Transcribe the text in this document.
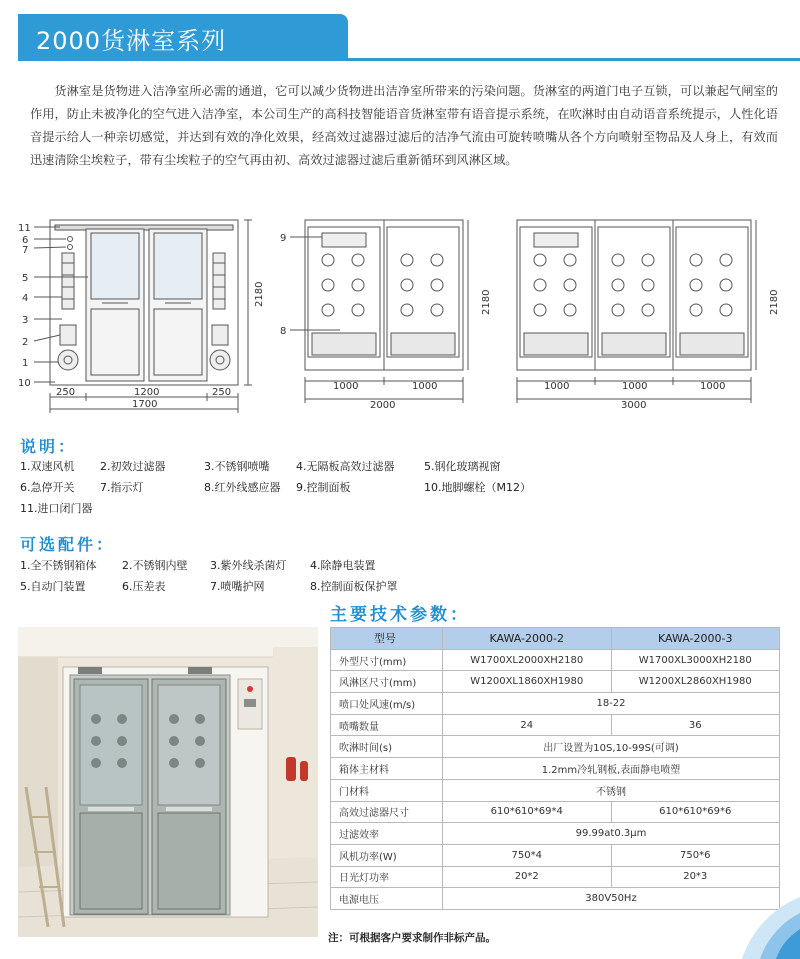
2000货淋室系列

货淋室是货物进入洁净室所必需的通道，它可以减少货物进出洁净室所带来的污染问题。货淋室的两道门电子互锁，可以兼起气闸室的作用，防止未被净化的空气进入洁净室，本公司生产的高科技智能语音货淋室带有语音提示系统，在吹淋时由自动语音系统提示，人性化语音提示给人一种亲切感觉，并达到有效的净化效果，经高效过滤器过滤后的洁净气流由可旋转喷嘴从各个方向喷射至物品及人身上，有效而迅速清除尘埃粒子，带有尘埃粒子的空气再由初、高效过滤器过滤后重新循环到风淋区域。

11
6
7
5
4
3
2
1
10
250	1200	250
1700
2180
9
8
1000	1000
2000
2180
1000	1000	1000
3000
2180
说明：
1.双速风机	2.初效过滤器	3.不锈钢喷嘴	4.无隔板高效过滤器	5.钢化玻璃视窗
6.急停开关	7.指示灯	8.红外线感应器	9.控制面板	10.地脚螺栓（M12）
11.进口闭门器
可选配件：
1.全不锈钢箱体	2.不锈钢内壁	3.紫外线杀菌灯	4.除静电装置
5.自动门装置	6.压差表	7.喷嘴护网	8.控制面板保护罩
主要技术参数：
型号	KAWA-2000-2	KAWA-2000-3
外型尺寸(mm)	W1700XL2000XH2180	W1700XL3000XH2180
风淋区尺寸(mm)	W1200XL1860XH1980	W1200XL2860XH1980
喷口处风速(m/s)	18-22	
喷嘴数量	24	36
吹淋时间(s)	出厂设置为10S,10-99S(可调)	
箱体主材料	1.2mm冷轧钢板,表面静电喷塑	
门材料	不锈钢	
高效过滤器尺寸	610*610*69*4	610*610*69*6
过滤效率	99.99at0.3μm	
风机功率(W)	750*4	750*6
日光灯功率	20*2	20*3
电源电压	380V50Hz	
注：可根据客户要求制作非标产品。
